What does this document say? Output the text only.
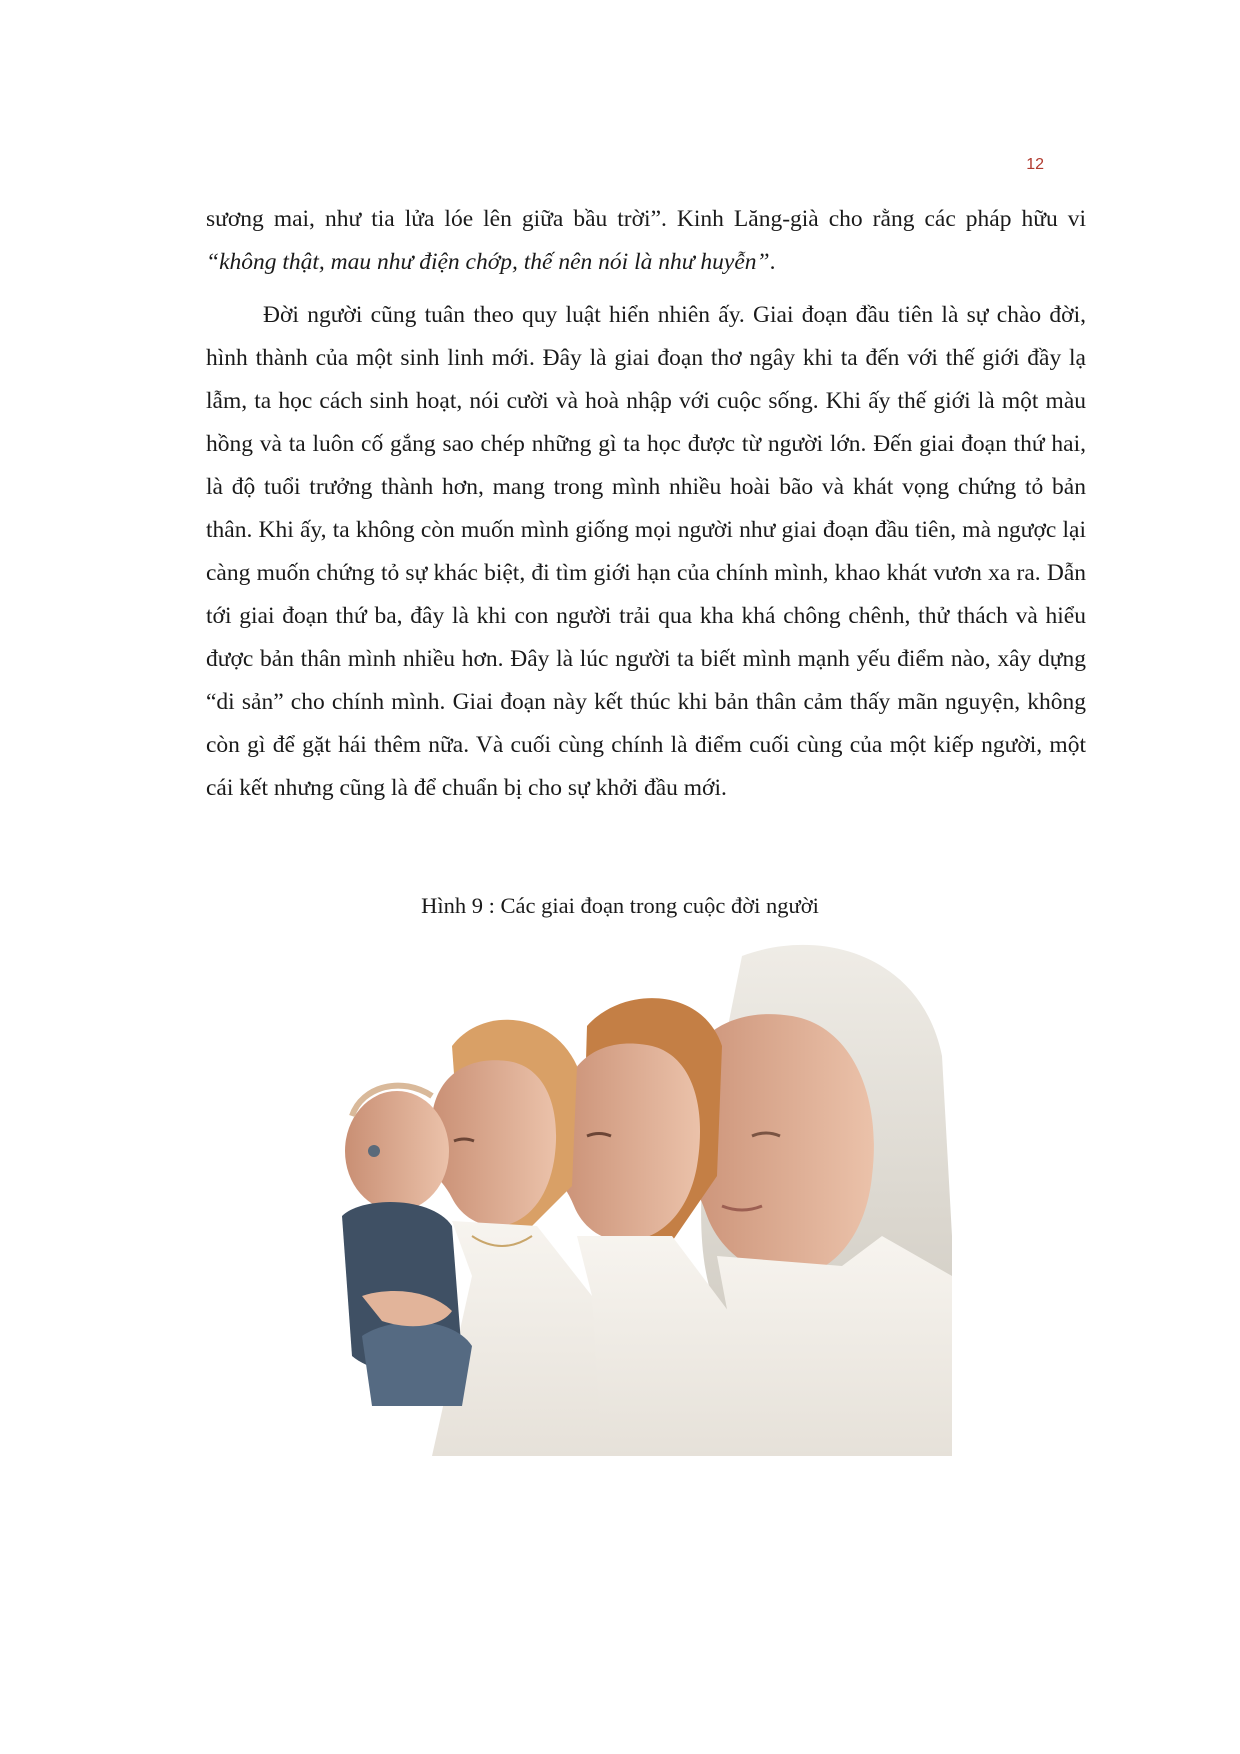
12

sương mai, như tia lửa lóe lên giữa bầu trời”. Kinh Lăng-già cho rằng các pháp hữu vi “không thật, mau như điện chớp, thế nên nói là như huyễn”.

Đời người cũng tuân theo quy luật hiển nhiên ấy. Giai đoạn đầu tiên là sự chào đời, hình thành của một sinh linh mới. Đây là giai đoạn thơ ngây khi ta đến với thế giới đầy lạ lẫm, ta học cách sinh hoạt, nói cười và hoà nhập với cuộc sống. Khi ấy thế giới là một màu hồng và ta luôn cố gắng sao chép những gì ta học được từ người lớn. Đến giai đoạn thứ hai, là độ tuổi trưởng thành hơn, mang trong mình nhiều hoài bão và khát vọng chứng tỏ bản thân. Khi ấy, ta không còn muốn mình giống mọi người như giai đoạn đầu tiên, mà ngược lại càng muốn chứng tỏ sự khác biệt, đi tìm giới hạn của chính mình, khao khát vươn xa ra. Dẫn tới giai đoạn thứ ba, đây là khi con người trải qua kha khá chông chênh, thử thách và hiểu được bản thân mình nhiều hơn. Đây là lúc người ta biết mình mạnh yếu điểm nào, xây dựng “di sản” cho chính mình. Giai đoạn này kết thúc khi bản thân cảm thấy mãn nguyện, không còn gì để gặt hái thêm nữa. Và cuối cùng chính là điểm cuối cùng của một kiếp người, một cái kết nhưng cũng là để chuẩn bị cho sự khởi đầu mới.

Hình 9 : Các giai đoạn trong cuộc đời người
